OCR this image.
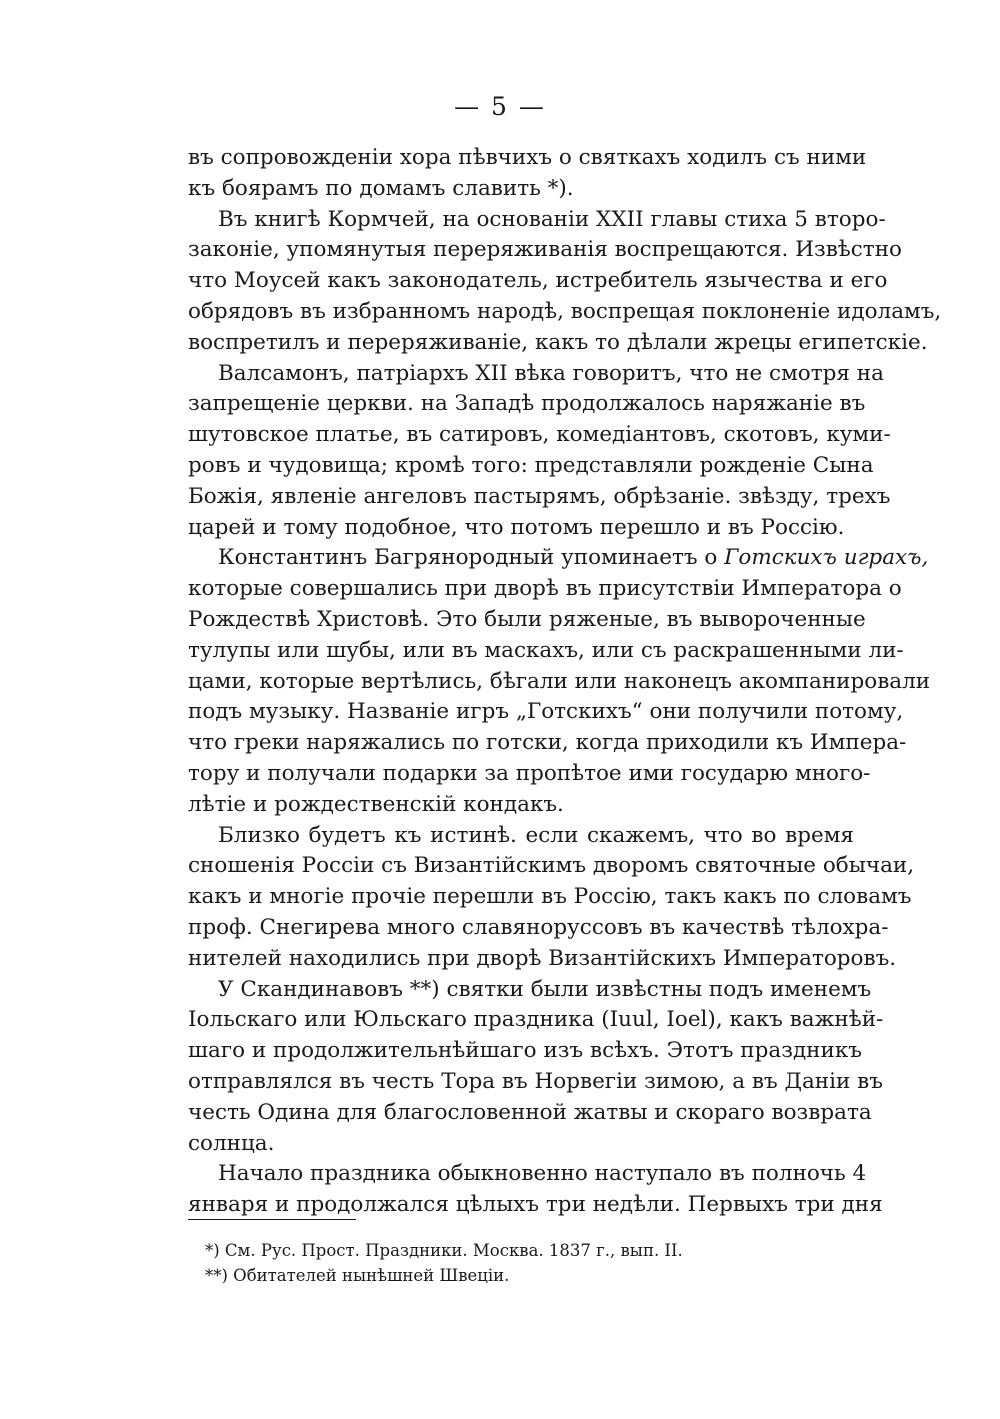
— 5 —

въ сопровожденіи хора пѣвчихъ о святкахъ ходилъ съ ними
къ боярамъ по домамъ славить *).

Въ книгѣ Кормчей, на основаніи XXII главы стиха 5 второ-
законіе, упомянутыя переряживанія воспрещаются. Извѣстно
что Моусей какъ законодатель, истребитель язычества и его
обрядовъ въ избранномъ народѣ, воспрещая поклоненіе идоламъ,
воспретилъ и переряживаніе, какъ то дѣлали жрецы египетскіе.

Валсамонъ, патріархъ XII вѣка говоритъ, что не смотря на
запрещеніе церкви. на Западѣ продолжалось наряжаніе въ
шутовское платье, въ сатировъ, комедіантовъ, скотовъ, куми-
ровъ и чудовища; кромѣ того: представляли рожденіе Сына
Божія, явленіе ангеловъ пастырямъ, обрѣзаніе. звѣзду, трехъ
царей и тому подобное, что потомъ перешло и въ Россію.

Константинъ Багрянородный упоминаетъ о Готскихъ играхъ,
которые совершались при дворѣ въ присутствіи Императора о
Рождествѣ Христовѣ. Это были ряженые, въ вывороченные
тулупы или шубы, или въ маскахъ, или съ раскрашенными ли-
цами, которые вертѣлись, бѣгали или наконецъ акомпанировали
подъ музыку. Названіе игръ „Готскихъ“ они получили потому,
что греки наряжались по готски, когда приходили къ Импера-
тору и получали подарки за пропѣтое ими государю много-
лѣтіе и рождественскій кондакъ.

Близко будетъ къ истинѣ. если скажемъ, что во время
сношенія Россіи съ Византійскимъ дворомъ святочные обычаи,
какъ и многіе прочіе перешли въ Россію, такъ какъ по словамъ
проф. Снегирева много славяноруссовъ въ качествѣ тѣлохра-
нителей находились при дворѣ Византійскихъ Императоровъ.

У Скандинавовъ **) святки были извѣстны подъ именемъ
Іольскаго или Юльскаго праздника (Iuul, Ioel), какъ важнѣй-
шаго и продолжительнѣйшаго изъ всѣхъ. Этотъ праздникъ
отправлялся въ честь Тора въ Норвегіи зимою, а въ Даніи въ
честь Одина для благословенной жатвы и скораго возврата
солнца.

Начало праздника обыкновенно наступало въ полночь 4
января и продолжался цѣлыхъ три недѣли. Первыхъ три дня

*) См. Рус. Прост. Праздники. Москва. 1837 г., вып. II.
**) Обитателей нынѣшней Швеціи.
